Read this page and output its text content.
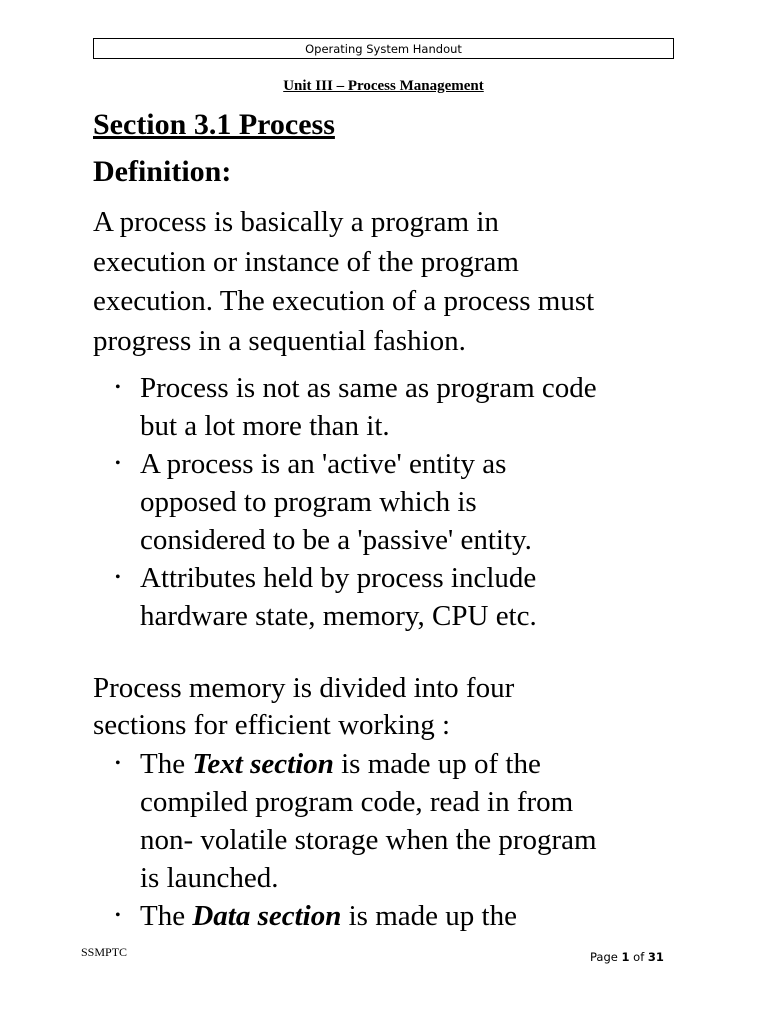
Operating System Handout
Unit III – Process Management
Section 3.1 Process
Definition:
A process is basically a program in
execution or instance of the program
execution. The execution of a process must
progress in a sequential fashion.
• Process is not as same as program code
but a lot more than it.
• A process is an 'active' entity as
opposed to program which is
considered to be a 'passive' entity.
• Attributes held by process include
hardware state, memory, CPU etc.
Process memory is divided into four
sections for efficient working :
• The Text section is made up of the
compiled program code, read in from
non- volatile storage when the program
is launched.
• The Data section is made up the
SSMPTC	Page 1 of 31
